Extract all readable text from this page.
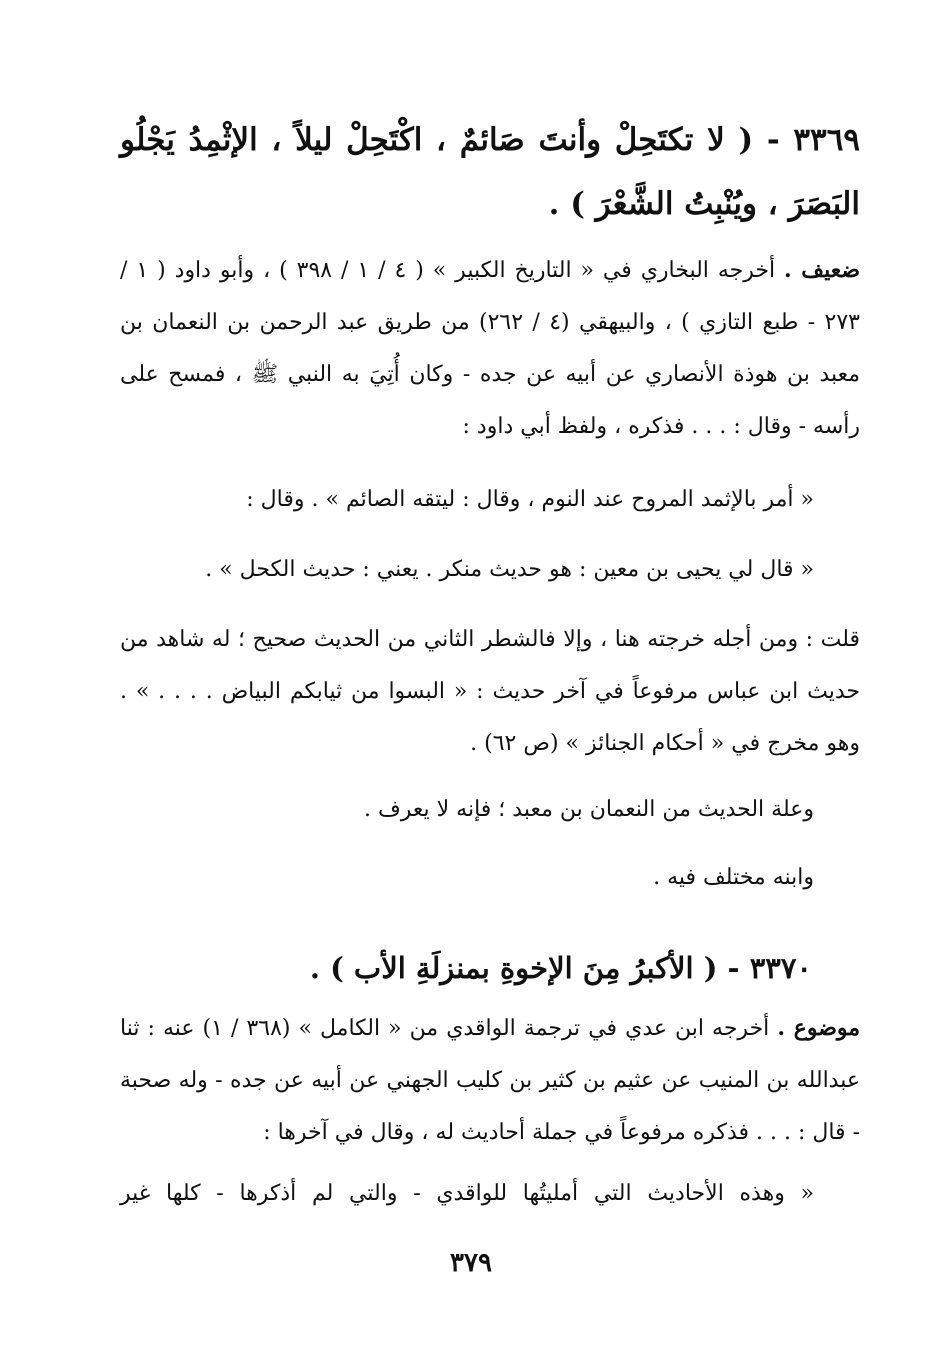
٣٣٦٩ - ( لا تكتَحِلْ وأنتَ صَائمٌ ، اكْتَحِلْ ليلاً ، الإثْمِدُ يَجْلُو البَصَرَ ، ويُنْبِتُ الشَّعْرَ ) .
ضعيف . أخرجه البخاري في « التاريخ الكبير » ( ٤ / ١ / ٣٩٨ ) ، وأبو داود ( ١ / ٢٧٣ - طبع التازي ) ، والبيهقي (٤ / ٢٦٢) من طريق عبد الرحمن بن النعمان بن معبد بن هوذة الأنصاري عن أبيه عن جده - وكان أُتِيَ به النبي ﷺ ، فمسح على رأسه - وقال : . . . فذكره ، ولفظ أبي داود :
« أمر بالإثمد المروح عند النوم ، وقال : ليتقه الصائم » . وقال :
« قال لي يحيى بن معين : هو حديث منكر . يعني : حديث الكحل » .
قلت : ومن أجله خرجته هنا ، وإلا فالشطر الثاني من الحديث صحيح ؛ له شاهد من حديث ابن عباس مرفوعاً في آخر حديث : « البسوا من ثيابكم البياض . . . . » . وهو مخرج في « أحكام الجنائز » (ص ٦٢) .
وعلة الحديث من النعمان بن معبد ؛ فإنه لا يعرف .
وابنه مختلف فيه .
٣٣٧٠ - ( الأكبرُ مِنَ الإخوةِ بمنزلَةِ الأب ) .
موضوع . أخرجه ابن عدي في ترجمة الواقدي من « الكامل » (٣٦٨ / ١) عنه : ثنا عبدالله بن المنيب عن عثيم بن كثير بن كليب الجهني عن أبيه عن جده - وله صحبة - قال : . . . فذكره مرفوعاً في جملة أحاديث له ، وقال في آخرها :
« وهذه الأحاديث التي أمليتُها للواقدي - والتي لم أذكرها - كلها غير
٣٧٩
